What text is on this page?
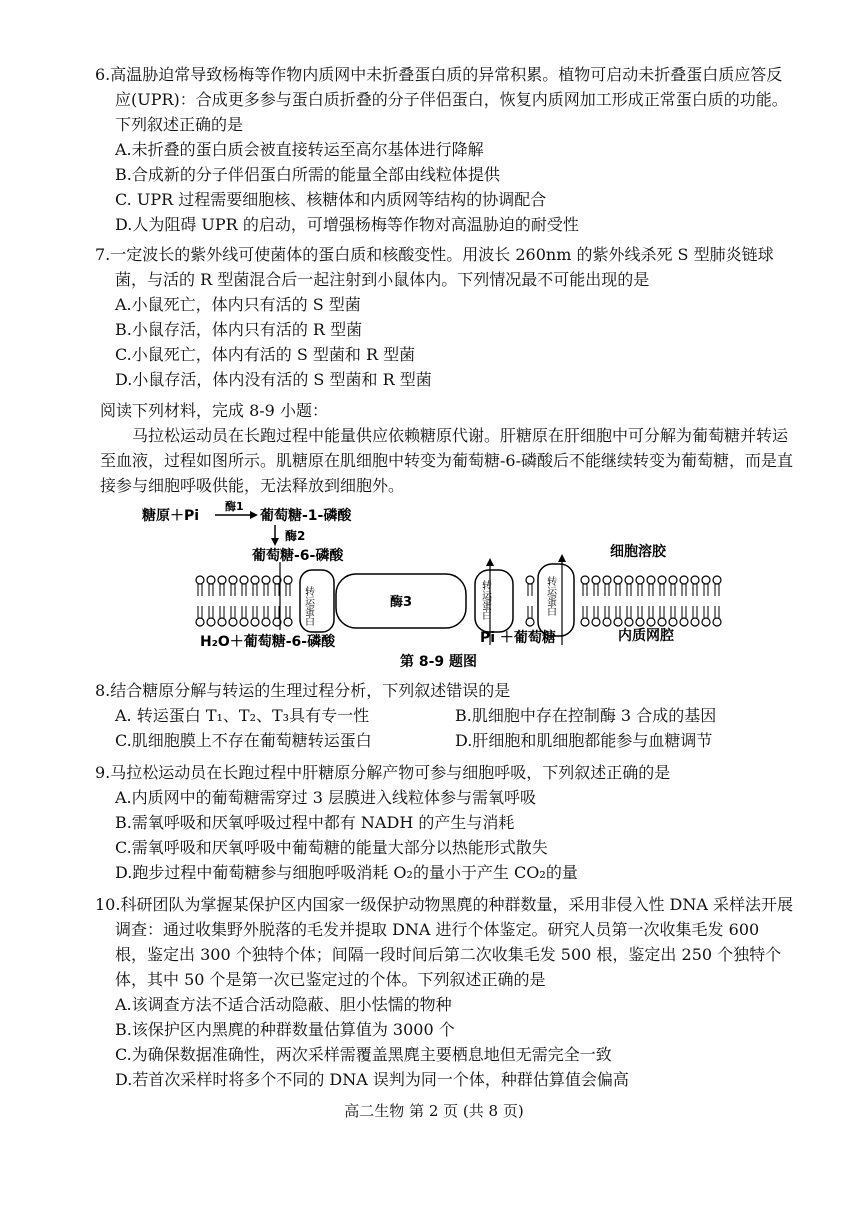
6.高温胁迫常导致杨梅等作物内质网中未折叠蛋白质的异常积累。植物可启动未折叠蛋白质应答反应(UPR)：合成更多参与蛋白质折叠的分子伴侣蛋白，恢复内质网加工形成正常蛋白质的功能。下列叙述正确的是

A.未折叠的蛋白质会被直接转运至高尔基体进行降解

B.合成新的分子伴侣蛋白所需的能量全部由线粒体提供

C. UPR 过程需要细胞核、核糖体和内质网等结构的协调配合

D.人为阻碍 UPR 的启动，可增强杨梅等作物对高温胁迫的耐受性

7.一定波长的紫外线可使菌体的蛋白质和核酸变性。用波长 260nm 的紫外线杀死 S 型肺炎链球菌，与活的 R 型菌混合后一起注射到小鼠体内。下列情况最不可能出现的是

A.小鼠死亡，体内只有活的 S 型菌

B.小鼠存活，体内只有活的 R 型菌

C.小鼠死亡，体内有活的 S 型菌和 R 型菌

D.小鼠存活，体内没有活的 S 型菌和 R 型菌

阅读下列材料，完成 8-9 小题：

马拉松运动员在长跑过程中能量供应依赖糖原代谢。肝糖原在肝细胞中可分解为葡萄糖并转运至血液，过程如图所示。肌糖原在肌细胞中转变为葡萄糖-6-磷酸后不能继续转变为葡萄糖，而是直接参与细胞呼吸供能，无法释放到细胞外。

糖原＋Pi
酶1
葡萄糖-1-磷酸
酶2
葡萄糖-6-磷酸	细胞溶胶
转运蛋白	酶3	转运蛋白	转运蛋白
H₂O＋葡萄糖-6-磷酸	Pi ＋葡萄糖	内质网腔
第 8-9 题图

8.结合糖原分解与转运的生理过程分析，下列叙述错误的是

A. 转运蛋白 T₁、T₂、T₃具有专一性	B.肌细胞中存在控制酶 3 合成的基因
C.肌细胞膜上不存在葡萄糖转运蛋白	D.肝细胞和肌细胞都能参与血糖调节

9.马拉松运动员在长跑过程中肝糖原分解产物可参与细胞呼吸，下列叙述正确的是

A.内质网中的葡萄糖需穿过 3 层膜进入线粒体参与需氧呼吸

B.需氧呼吸和厌氧呼吸过程中都有 NADH 的产生与消耗

C.需氧呼吸和厌氧呼吸中葡萄糖的能量大部分以热能形式散失

D.跑步过程中葡萄糖参与细胞呼吸消耗 O₂的量小于产生 CO₂的量

10.科研团队为掌握某保护区内国家一级保护动物黑麂的种群数量，采用非侵入性 DNA 采样法开展调查：通过收集野外脱落的毛发并提取 DNA 进行个体鉴定。研究人员第一次收集毛发 600 根，鉴定出 300 个独特个体；间隔一段时间后第二次收集毛发 500 根，鉴定出 250 个独特个体，其中 50 个是第一次已鉴定过的个体。下列叙述正确的是

A.该调查方法不适合活动隐蔽、胆小怯懦的物种

B.该保护区内黑麂的种群数量估算值为 3000 个

C.为确保数据准确性，两次采样需覆盖黑麂主要栖息地但无需完全一致

D.若首次采样时将多个不同的 DNA 误判为同一个体，种群估算值会偏高

高二生物 第 2 页 (共 8 页)
